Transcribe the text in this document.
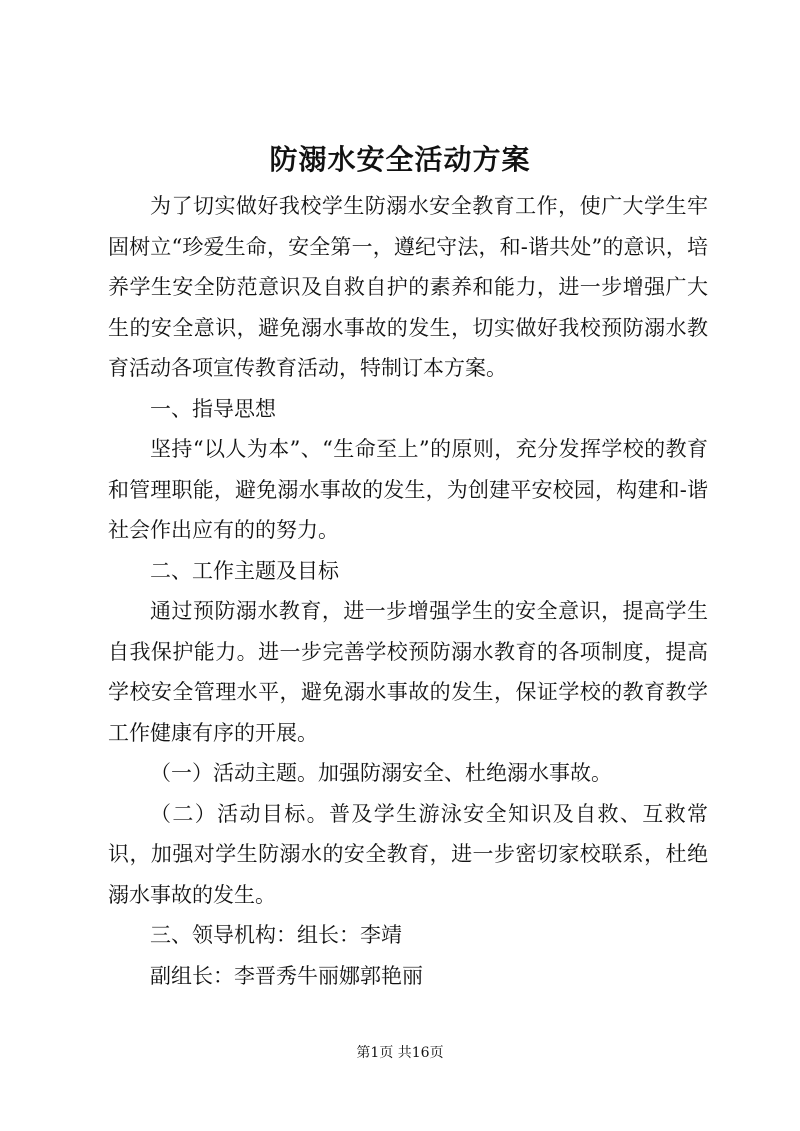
防溺水安全活动方案

为了切实做好我校学生防溺水安全教育工作，使广大学生牢固树立“珍爱生命，安全第一，遵纪守法，和-谐共处”的意识，培养学生安全防范意识及自救自护的素养和能力，进一步增强广大生的安全意识，避免溺水事故的发生，切实做好我校预防溺水教育活动各项宣传教育活动，特制订本方案。

一、指导思想

坚持“以人为本”、“生命至上”的原则，充分发挥学校的教育和管理职能，避免溺水事故的发生，为创建平安校园，构建和-谐社会作出应有的的努力。

二、工作主题及目标

通过预防溺水教育，进一步增强学生的安全意识，提高学生自我保护能力。进一步完善学校预防溺水教育的各项制度，提高学校安全管理水平，避免溺水事故的发生，保证学校的教育教学工作健康有序的开展。

（一）活动主题。加强防溺安全、杜绝溺水事故。

（二）活动目标。普及学生游泳安全知识及自救、互救常识，加强对学生防溺水的安全教育，进一步密切家校联系，杜绝溺水事故的发生。

三、领导机构：组长：李靖

副组长：李晋秀牛丽娜郭艳丽

第1页 共16页
